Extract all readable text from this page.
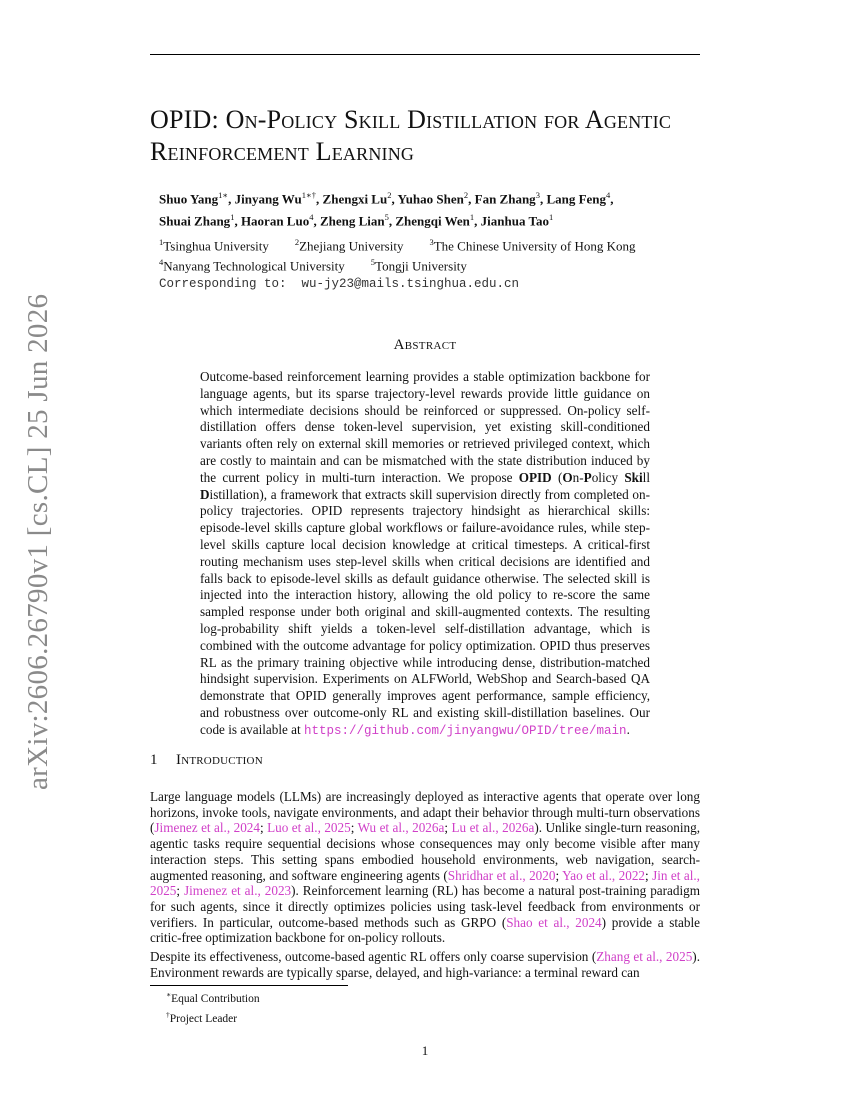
arXiv:2606.26790v1 [cs.CL] 25 Jun 2026
OPID: On-Policy Skill Distillation for Agentic Reinforcement Learning
Shuo Yang$^{1∗}$, Jinyang $Wu^{1∗\dagger}$, Zhengxi Lu$^2$, Yuhao Shen$^2$, Fan Zhang$^3$, Lang Feng$^4$,
Shuai Zhang$^1$, Haoran Luo$^4$, Zheng Lian$^5$, Zhengqi Wen$^1$, Jianhua Tao$^1$
$^1$Tsinghua University	$^2$Zhejiang University	$^3$The Chinese University of Hong Kong
$^4$Nanyang Technological University	$^5$Tongji University
Corresponding to:  wu-jy23@mails.tsinghua.edu.cn
Abstract
Outcome-based reinforcement learning provides a stable optimization backbone for language agents, but its sparse trajectory-level rewards provide little guidance on which intermediate decisions should be reinforced or suppressed. On-policy self-distillation offers dense token-level supervision, yet existing skill-conditioned variants often rely on external skill memories or retrieved privileged context, which are costly to maintain and can be mismatched with the state distribution induced by the current policy in multi-turn interaction. We propose OPID (On-Policy Skill Distillation), a framework that extracts skill supervision directly from completed on-policy trajectories. OPID represents trajectory hindsight as hierarchical skills: episode-level skills capture global workflows or failure-avoidance rules, while step-level skills capture local decision knowledge at critical timesteps. A critical-first routing mechanism uses step-level skills when critical decisions are identified and falls back to episode-level skills as default guidance otherwise. The selected skill is injected into the interaction history, allowing the old policy to re-score the same sampled response under both original and skill-augmented contexts. The resulting log-probability shift yields a token-level self-distillation advantage, which is combined with the outcome advantage for policy optimization. OPID thus preserves RL as the primary training objective while introducing dense, distribution-matched hindsight supervision. Experiments on ALFWorld, WebShop and Search-based QA demonstrate that OPID generally improves agent performance, sample efficiency, and robustness over outcome-only RL and existing skill-distillation baselines. Our code is available at https://github.com/jinyangwu/OPID/tree/main.
1 Introduction
Large language models (LLMs) are increasingly deployed as interactive agents that operate over long horizons, invoke tools, navigate environments, and adapt their behavior through multi-turn observations (Jimenez et al., 2024; Luo et al., 2025; Wu et al., 2026a; Lu et al., 2026a). Unlike single-turn reasoning, agentic tasks require sequential decisions whose consequences may only become visible after many interaction steps. This setting spans embodied household environments, web navigation, search-augmented reasoning, and software engineering agents (Shridhar et al., 2020; Yao et al., 2022; Jin et al., 2025; Jimenez et al., 2023). Reinforcement learning (RL) has become a natural post-training paradigm for such agents, since it directly optimizes policies using task-level feedback from environments or verifiers. In particular, outcome-based methods such as GRPO (Shao et al., 2024) provide a stable critic-free optimization backbone for on-policy rollouts.
Despite its effectiveness, outcome-based agentic RL offers only coarse supervision (Zhang et al., 2025). Environment rewards are typically sparse, delayed, and high-variance: a terminal reward can
∗Equal Contribution
†Project Leader
1
